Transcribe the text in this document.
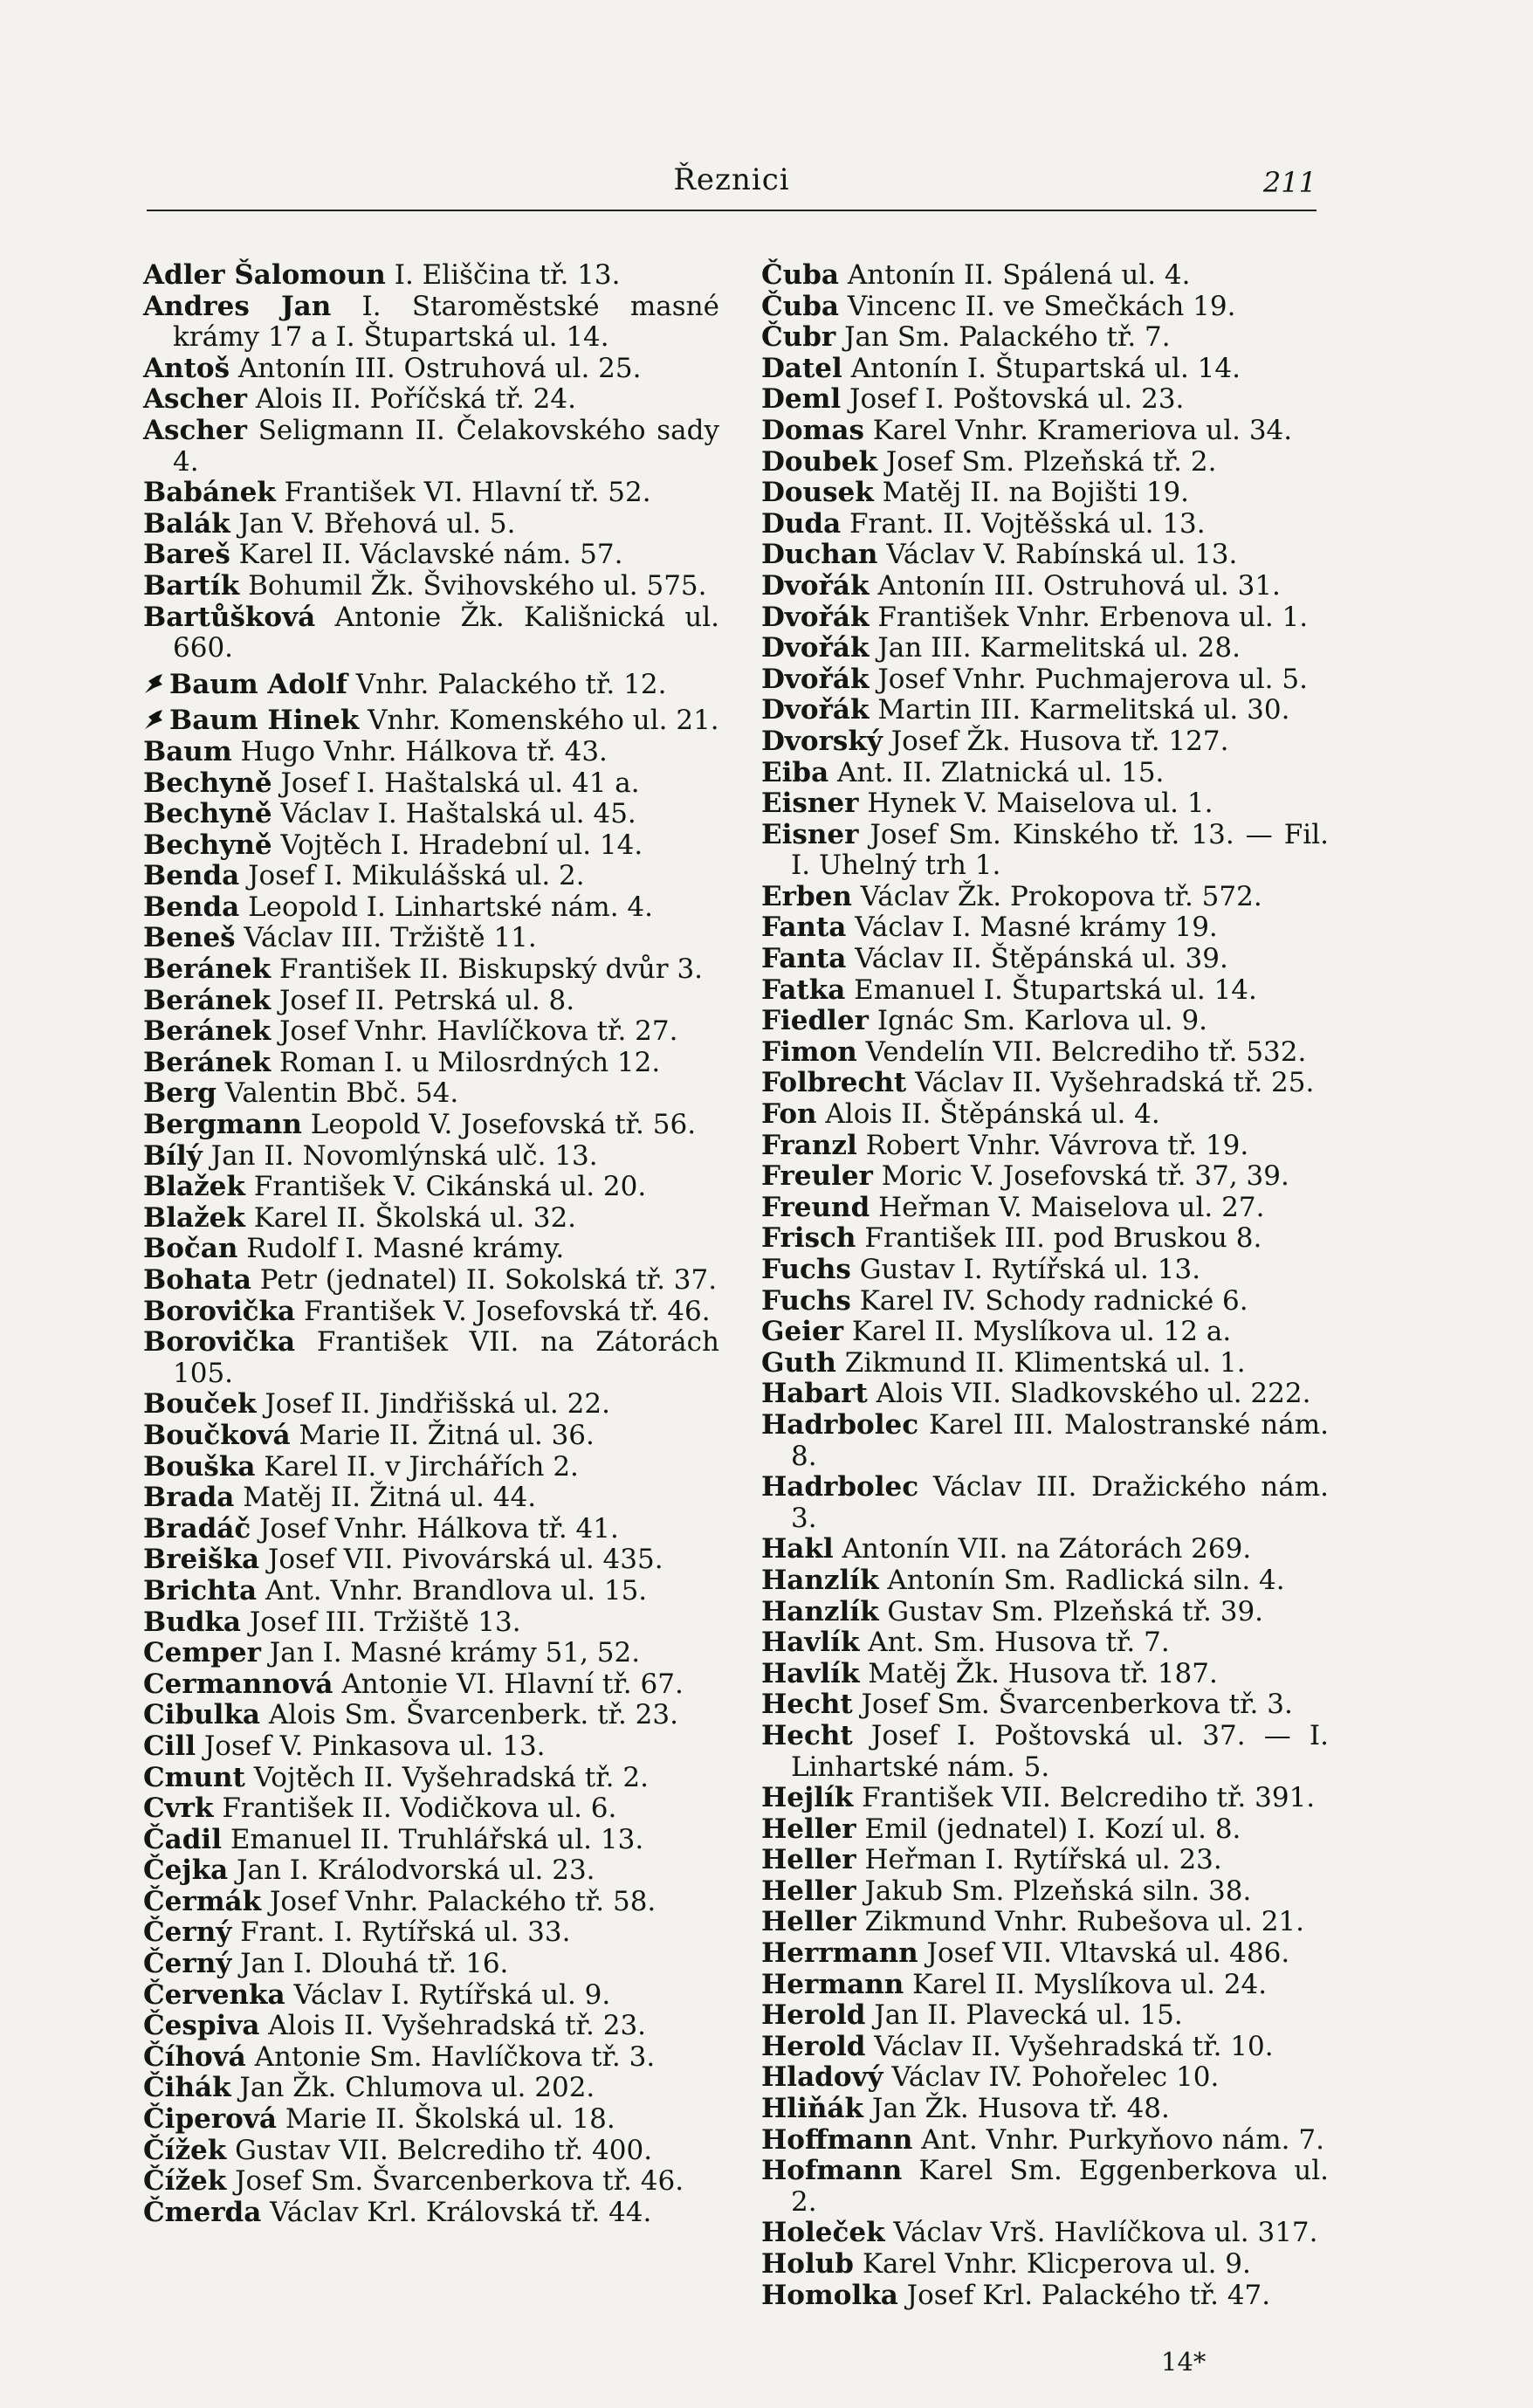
Řeznici	211
Adler Šalomoun I. Eliščina tř. 13.
Andres Jan I. Staroměstské masné krámy 17 a I. Štupartská ul. 14.
Antoš Antonín III. Ostruhová ul. 25.
Ascher Alois II. Poříčská tř. 24.
Ascher Seligmann II. Čelakovského sady 4.
Babánek František VI. Hlavní tř. 52.
Balák Jan V. Břehová ul. 5.
Bareš Karel II. Václavské nám. 57.
Bartík Bohumil Žk. Švihovského ul. 575.
Bartůšková Antonie Žk. Kališnická ul. 660.
Baum Adolf Vnhr. Palackého tř. 12.
Baum Hinek Vnhr. Komenského ul. 21.
Baum Hugo Vnhr. Hálkova tř. 43.
Bechyně Josef I. Haštalská ul. 41 a.
Bechyně Václav I. Haštalská ul. 45.
Bechyně Vojtěch I. Hradební ul. 14.
Benda Josef I. Mikulášská ul. 2.
Benda Leopold I. Linhartské nám. 4.
Beneš Václav III. Tržiště 11.
Beránek František II. Biskupský dvůr 3.
Beránek Josef II. Petrská ul. 8.
Beránek Josef Vnhr. Havlíčkova tř. 27.
Beránek Roman I. u Milosrdných 12.
Berg Valentin Bbč. 54.
Bergmann Leopold V. Josefovská tř. 56.
Bílý Jan II. Novomlýnská ulč. 13.
Blažek František V. Cikánská ul. 20.
Blažek Karel II. Školská ul. 32.
Bočan Rudolf I. Masné krámy.
Bohata Petr (jednatel) II. Sokolská tř. 37.
Borovička František V. Josefovská tř. 46.
Borovička František VII. na Zátorách 105.
Bouček Josef II. Jindřišská ul. 22.
Boučková Marie II. Žitná ul. 36.
Bouška Karel II. v Jirchářích 2.
Brada Matěj II. Žitná ul. 44.
Bradáč Josef Vnhr. Hálkova tř. 41.
Breiška Josef VII. Pivovárská ul. 435.
Brichta Ant. Vnhr. Brandlova ul. 15.
Budka Josef III. Tržiště 13.
Cemper Jan I. Masné krámy 51, 52.
Cermannová Antonie VI. Hlavní tř. 67.
Cibulka Alois Sm. Švarcenberk. tř. 23.
Cill Josef V. Pinkasova ul. 13.
Cmunt Vojtěch II. Vyšehradská tř. 2.
Cvrk František II. Vodičkova ul. 6.
Čadil Emanuel II. Truhlářská ul. 13.
Čejka Jan I. Králodvorská ul. 23.
Čermák Josef Vnhr. Palackého tř. 58.
Černý Frant. I. Rytířská ul. 33.
Černý Jan I. Dlouhá tř. 16.
Červenka Václav I. Rytířská ul. 9.
Čespiva Alois II. Vyšehradská tř. 23.
Číhová Antonie Sm. Havlíčkova tř. 3.
Čihák Jan Žk. Chlumova ul. 202.
Čiperová Marie II. Školská ul. 18.
Čížek Gustav VII. Belcrediho tř. 400.
Čížek Josef Sm. Švarcenberkova tř. 46.
Čmerda Václav Krl. Královská tř. 44.
Čuba Antonín II. Spálená ul. 4.
Čuba Vincenc II. ve Smečkách 19.
Čubr Jan Sm. Palackého tř. 7.
Datel Antonín I. Štupartská ul. 14.
Deml Josef I. Poštovská ul. 23.
Domas Karel Vnhr. Krameriova ul. 34.
Doubek Josef Sm. Plzeňská tř. 2.
Dousek Matěj II. na Bojišti 19.
Duda Frant. II. Vojtěšská ul. 13.
Duchan Václav V. Rabínská ul. 13.
Dvořák Antonín III. Ostruhová ul. 31.
Dvořák František Vnhr. Erbenova ul. 1.
Dvořák Jan III. Karmelitská ul. 28.
Dvořák Josef Vnhr. Puchmajerova ul. 5.
Dvořák Martin III. Karmelitská ul. 30.
Dvorský Josef Žk. Husova tř. 127.
Eiba Ant. II. Zlatnická ul. 15.
Eisner Hynek V. Maiselova ul. 1.
Eisner Josef Sm. Kinského tř. 13. — Fil. I. Uhelný trh 1.
Erben Václav Žk. Prokopova tř. 572.
Fanta Václav I. Masné krámy 19.
Fanta Václav II. Štěpánská ul. 39.
Fatka Emanuel I. Štupartská ul. 14.
Fiedler Ignác Sm. Karlova ul. 9.
Fimon Vendelín VII. Belcrediho tř. 532.
Folbrecht Václav II. Vyšehradská tř. 25.
Fon Alois II. Štěpánská ul. 4.
Franzl Robert Vnhr. Vávrova tř. 19.
Freuler Moric V. Josefovská tř. 37, 39.
Freund Heřman V. Maiselova ul. 27.
Frisch František III. pod Bruskou 8.
Fuchs Gustav I. Rytířská ul. 13.
Fuchs Karel IV. Schody radnické 6.
Geier Karel II. Myslíkova ul. 12 a.
Guth Zikmund II. Klimentská ul. 1.
Habart Alois VII. Sladkovského ul. 222.
Hadrbolec Karel III. Malostranské nám. 8.
Hadrbolec Václav III. Dražického nám. 3.
Hakl Antonín VII. na Zátorách 269.
Hanzlík Antonín Sm. Radlická siln. 4.
Hanzlík Gustav Sm. Plzeňská tř. 39.
Havlík Ant. Sm. Husova tř. 7.
Havlík Matěj Žk. Husova tř. 187.
Hecht Josef Sm. Švarcenberkova tř. 3.
Hecht Josef I. Poštovská ul. 37. — I. Linhartské nám. 5.
Hejlík František VII. Belcrediho tř. 391.
Heller Emil (jednatel) I. Kozí ul. 8.
Heller Heřman I. Rytířská ul. 23.
Heller Jakub Sm. Plzeňská siln. 38.
Heller Zikmund Vnhr. Rubešova ul. 21.
Herrmann Josef VII. Vltavská ul. 486.
Hermann Karel II. Myslíkova ul. 24.
Herold Jan II. Plavecká ul. 15.
Herold Václav II. Vyšehradská tř. 10.
Hladový Václav IV. Pohořelec 10.
Hliňák Jan Žk. Husova tř. 48.
Hoffmann Ant. Vnhr. Purkyňovo nám. 7.
Hofmann Karel Sm. Eggenberkova ul. 2.
Holeček Václav Vrš. Havlíčkova ul. 317.
Holub Karel Vnhr. Klicperova ul. 9.
Homolka Josef Krl. Palackého tř. 47.
14*
